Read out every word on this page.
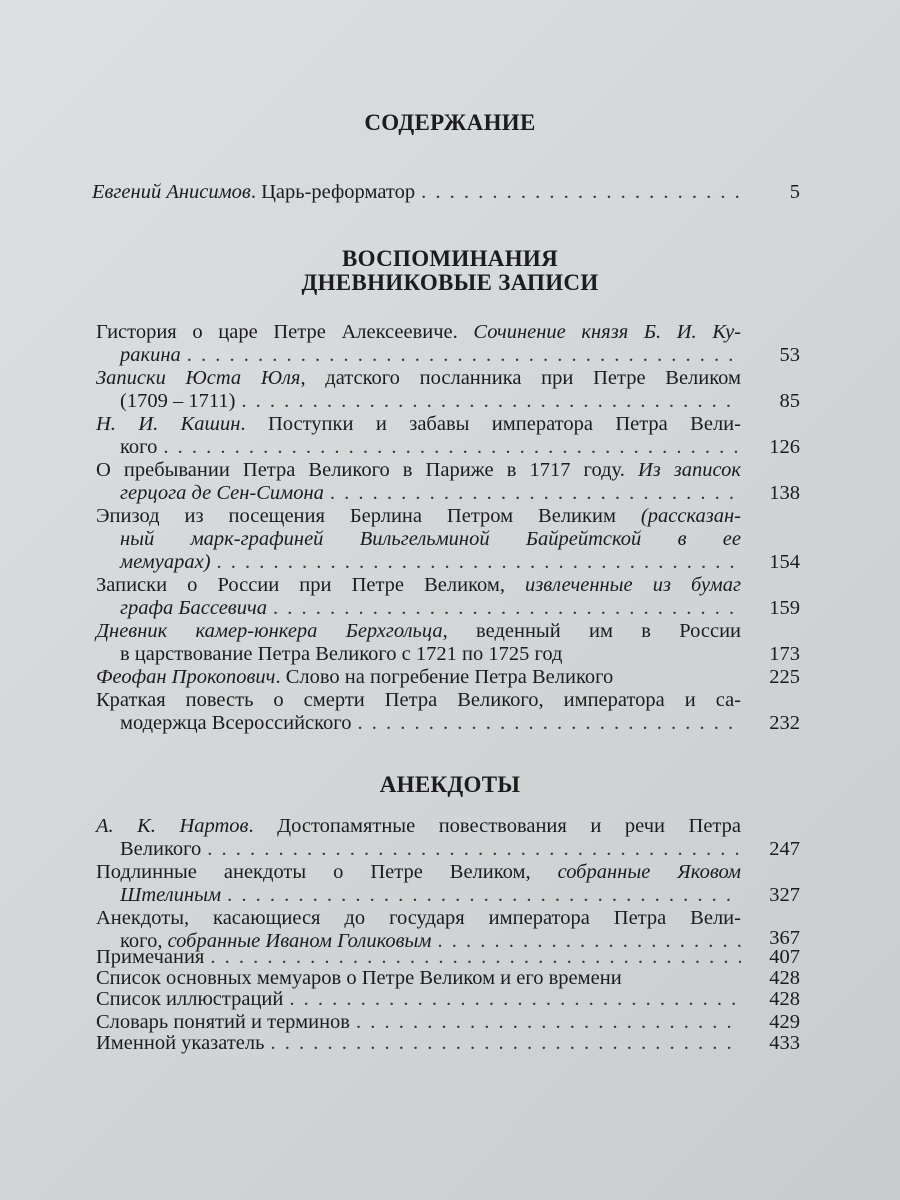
СОДЕРЖАНИЕ
Евгений Анисимов. Царь-реформатор . . .	5
ВОСПОМИНАНИЯ
ДНЕВНИКОВЫЕ ЗАПИСИ
Гистория о царе Петре Алексеевиче. Сочинение князя Б. И. Ку-
ракина . . .	53
Записки Юста Юля, датского посланника при Петре Великом
(1709 – 1711) . . .	85
Н. И. Кашин. Поступки и забавы императора Петра Вели-
кого . . .	126
О пребывании Петра Великого в Париже в 1717 году. Из записок
герцога де Сен-Симона . . .	138
Эпизод из посещения Берлина Петром Великим (рассказан-
ный марк-графиней Вильгельминой Байрейтской в ее
мемуарах) . . .	154
Записки о России при Петре Великом, извлеченные из бумаг
графа Бассевича . . .	159
Дневник камер-юнкера Берхгольца, веденный им в России
в царствование Петра Великого с 1721 по 1725 год	173
Феофан Прокопович. Слово на погребение Петра Великого	225
Краткая повесть о смерти Петра Великого, императора и са-
модержца Всероссийского . . .	232
АНЕКДОТЫ
А. К. Нартов. Достопамятные повествования и речи Петра
Великого . . .	247
Подлинные анекдоты о Петре Великом, собранные Яковом
Штелиным . . .	327
Анекдоты, касающиеся до государя императора Петра Вели-
кого, собранные Иваном Голиковым . . .	367
Примечания . . .	407
Список основных мемуаров о Петре Великом и его времени	428
Список иллюстраций . . .	428
Словарь понятий и терминов . . .	429
Именной указатель . . .	433
